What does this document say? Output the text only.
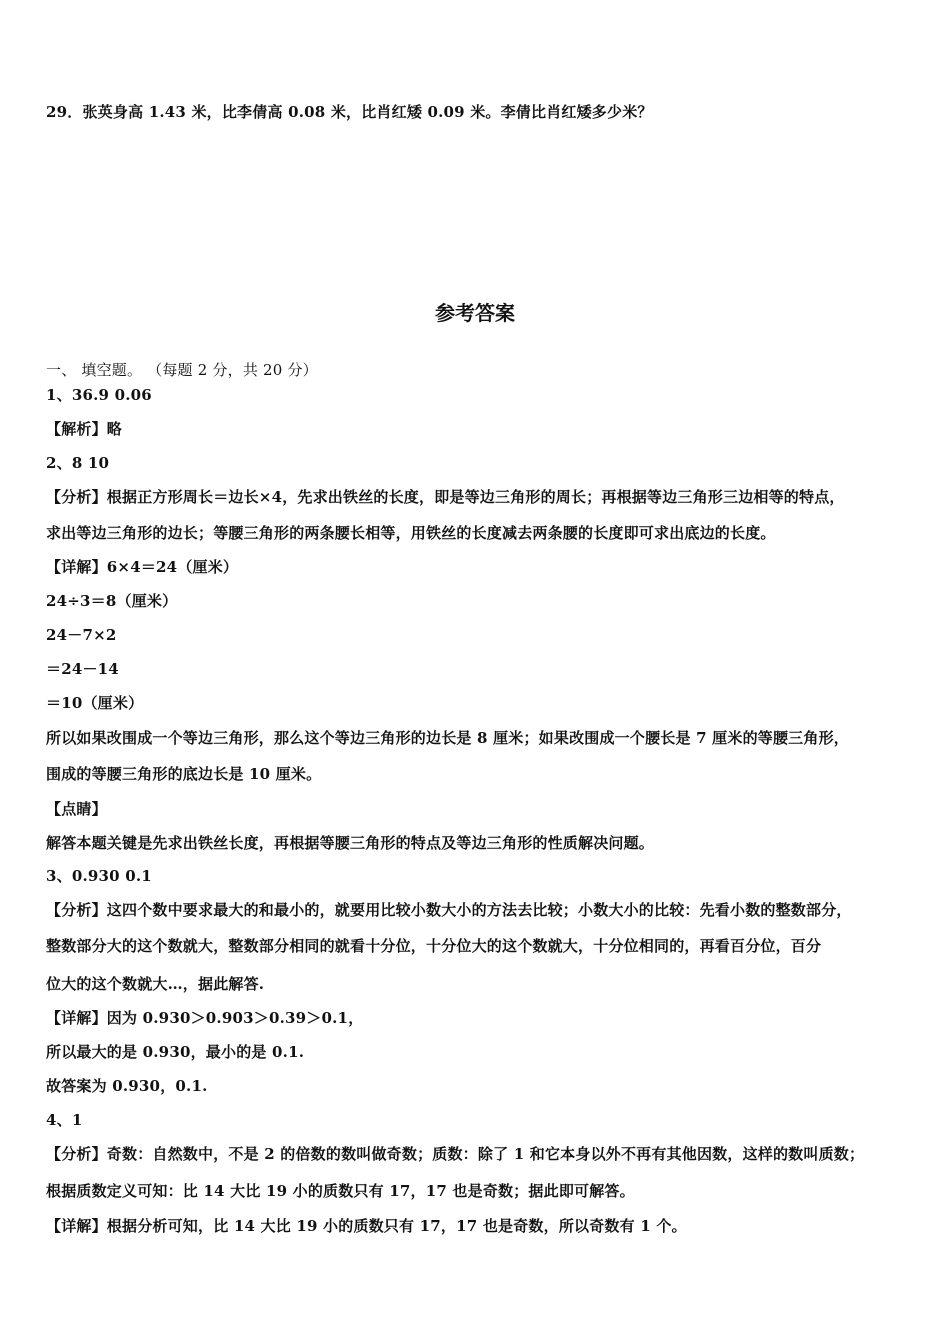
29．张英身高 1.43 米，比李倩高 0.08 米，比肖红矮 0.09 米。李倩比肖红矮多少米？
参考答案
一、 填空题。 （每题 2 分，共 20 分）
1、36.9 0.06
【解析】略
2、8 10
【分析】根据正方形周长＝边长×4，先求出铁丝的长度，即是等边三角形的周长；再根据等边三角形三边相等的特点，
求出等边三角形的边长；等腰三角形的两条腰长相等，用铁丝的长度减去两条腰的长度即可求出底边的长度。
【详解】6×4＝24（厘米）
24÷3＝8（厘米）
24－7×2
＝24－14
＝10（厘米）
所以如果改围成一个等边三角形，那么这个等边三角形的边长是 8 厘米；如果改围成一个腰长是 7 厘米的等腰三角形，
围成的等腰三角形的底边长是 10 厘米。
【点睛】
解答本题关键是先求出铁丝长度，再根据等腰三角形的特点及等边三角形的性质解决问题。
3、0.930 0.1
【分析】这四个数中要求最大的和最小的，就要用比较小数大小的方法去比较；小数大小的比较：先看小数的整数部分，
整数部分大的这个数就大，整数部分相同的就看十分位，十分位大的这个数就大，十分位相同的，再看百分位，百分
位大的这个数就大…，据此解答.
【详解】因为 0.930＞0.903＞0.39＞0.1，
所以最大的是 0.930，最小的是 0.1.
故答案为 0.930，0.1.
4、1
【分析】奇数：自然数中，不是 2 的倍数的数叫做奇数；质数：除了 1 和它本身以外不再有其他因数，这样的数叫质数；
根据质数定义可知：比 14 大比 19 小的质数只有 17，17 也是奇数；据此即可解答。
【详解】根据分析可知，比 14 大比 19 小的质数只有 17，17 也是奇数，所以奇数有 1 个。
